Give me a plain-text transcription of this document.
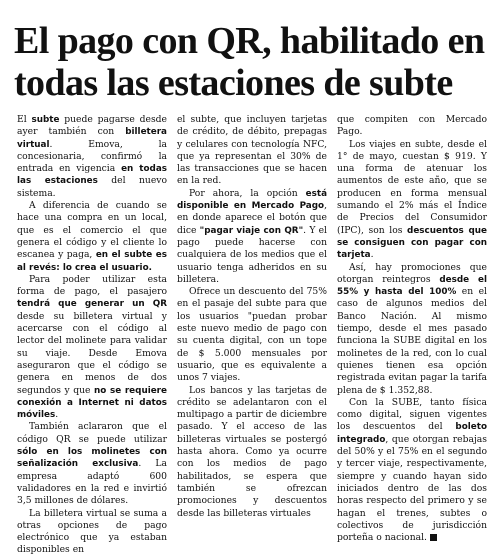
El pago con QR, habilitado en
todas las estaciones de subte

El subte puede pagarse desde ayer también con billetera virtual. Emova, la concesionaria, confirmó la entrada en vigencia en todas las estaciones del nuevo sistema.

A diferencia de cuando se hace una compra en un local, que es el comercio el que genera el código y el cliente lo escanea y paga, en el subte es al revés: lo crea el usuario.

Para poder utilizar esta forma de pago, el pasajero tendrá que generar un QR desde su billetera virtual y acercarse con el código al lector del molinete para validar su viaje. Desde Emova aseguraron que el código se genera en menos de dos segundos y que no se requiere conexión a Internet ni datos móviles.

También aclararon que el código QR se puede utilizar sólo en los molinetes con señalización exclusiva. La empresa adaptó 600 validadores en la red e invirtió 3,5 millones de dólares.

La billetera virtual se suma a otras opciones de pago electrónico que ya estaban disponibles en

el subte, que incluyen tarjetas de crédito, de débito, prepagas y celulares con tecnología NFC, que ya representan el 30% de las transacciones que se hacen en la red.

Por ahora, la opción está disponible en Mercado Pago, en donde aparece el botón que dice "pagar viaje con QR". Y el pago puede hacerse con cualquiera de los medios que el usuario tenga adheridos en su billetera.

Ofrece un descuento del 75% en el pasaje del subte para que los usuarios "puedan probar este nuevo medio de pago con su cuenta digital, con un tope de $ 5.000 mensuales por usuario, que es equivalente a unos 7 viajes.

Los bancos y las tarjetas de crédito se adelantaron con el multipago a partir de diciembre pasado. Y el acceso de las billeteras virtuales se postergó hasta ahora. Como ya ocurre con los medios de pago habilitados, se espera que también se ofrezcan promociones y descuentos desde las billeteras virtuales

que compiten con Mercado Pago.

Los viajes en subte, desde el 1° de mayo, cuestan $ 919. Y una forma de atenuar los aumentos de este año, que se producen en forma mensual sumando el 2% más el Índice de Precios del Consumidor (IPC), son los descuentos que se consiguen con pagar con tarjeta.

Así, hay promociones que otorgan reintegros desde el 55% y hasta del 100% en el caso de algunos medios del Banco Nación. Al mismo tiempo, desde el mes pasado funciona la SUBE digital en los molinetes de la red, con lo cual quienes tienen esa opción registrada evitan pagar la tarifa plena de $ 1.352,88.

Con la SUBE, tanto física como digital, siguen vigentes los descuentos del boleto integrado, que otorgan rebajas del 50% y el 75% en el segundo y tercer viaje, respectivamente, siempre y cuando hayan sido iniciados dentro de las dos horas respecto del primero y se hagan el trenes, subtes o colectivos de jurisdicción porteña o nacional.
